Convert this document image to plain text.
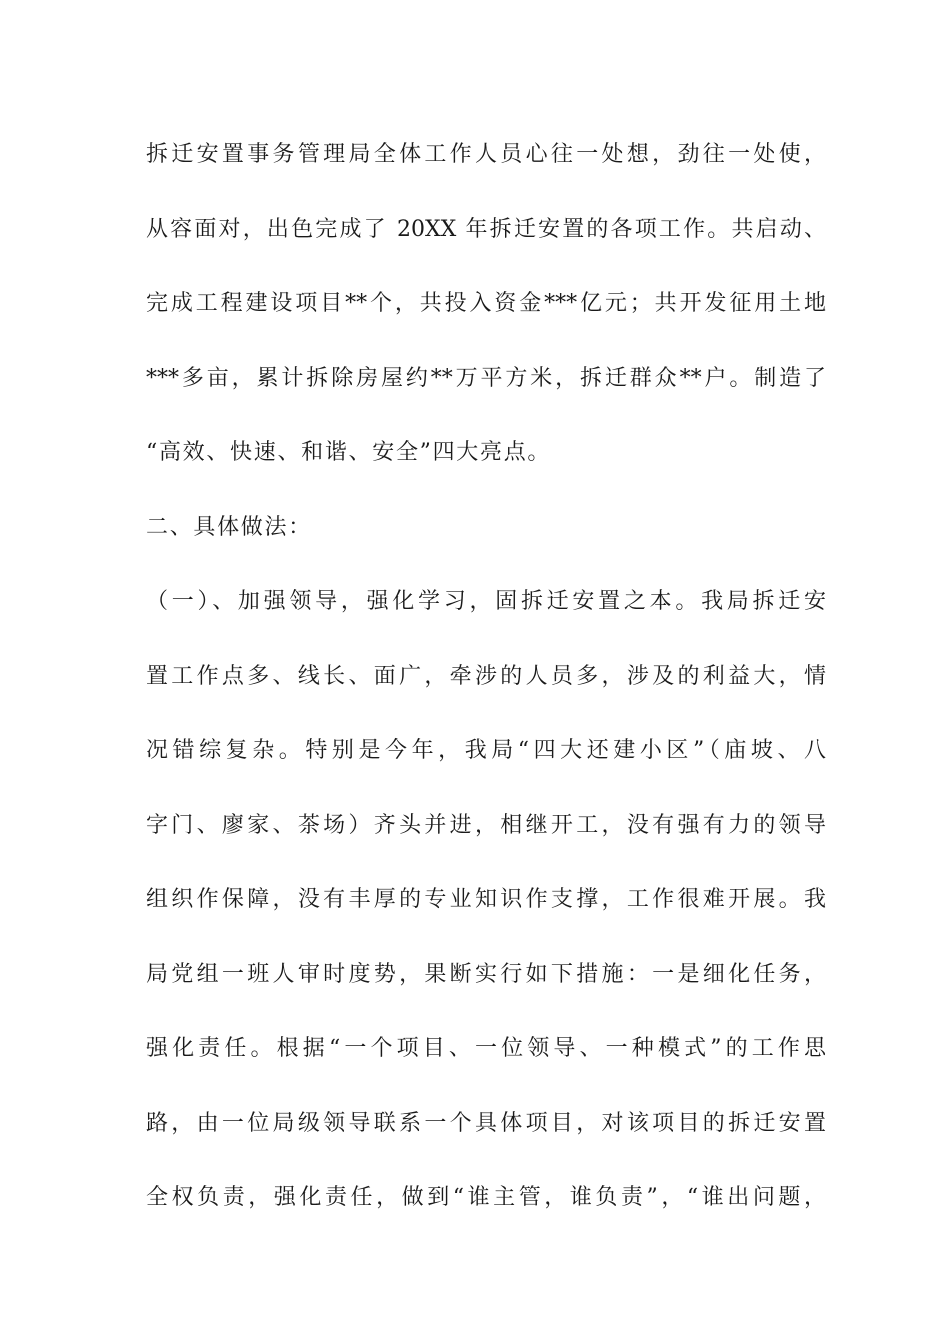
拆迁安置事务管理局全体工作人员心往一处想，劲往一处使，
从容面对，出色完成了 20XX 年拆迁安置的各项工作。共启动、
完成工程建设项目**个，共投入资金***亿元；共开发征用土地
***多亩，累计拆除房屋约**万平方米，拆迁群众**户。制造了
“高效、快速、和谐、安全”四大亮点。
二、具体做法：
（一）、加强领导，强化学习，固拆迁安置之本。我局拆迁安
置工作点多、线长、面广，牵涉的人员多，涉及的利益大，情
况错综复杂。特别是今年，我局“四大还建小区”（庙坡、八
字门、廖家、茶场）齐头并进，相继开工，没有强有力的领导
组织作保障，没有丰厚的专业知识作支撑，工作很难开展。我
局党组一班人审时度势，果断实行如下措施：一是细化任务，
强化责任。根据“一个项目、一位领导、一种模式”的工作思
路，由一位局级领导联系一个具体项目，对该项目的拆迁安置
全权负责，强化责任，做到“谁主管，谁负责”，“谁出问题，
